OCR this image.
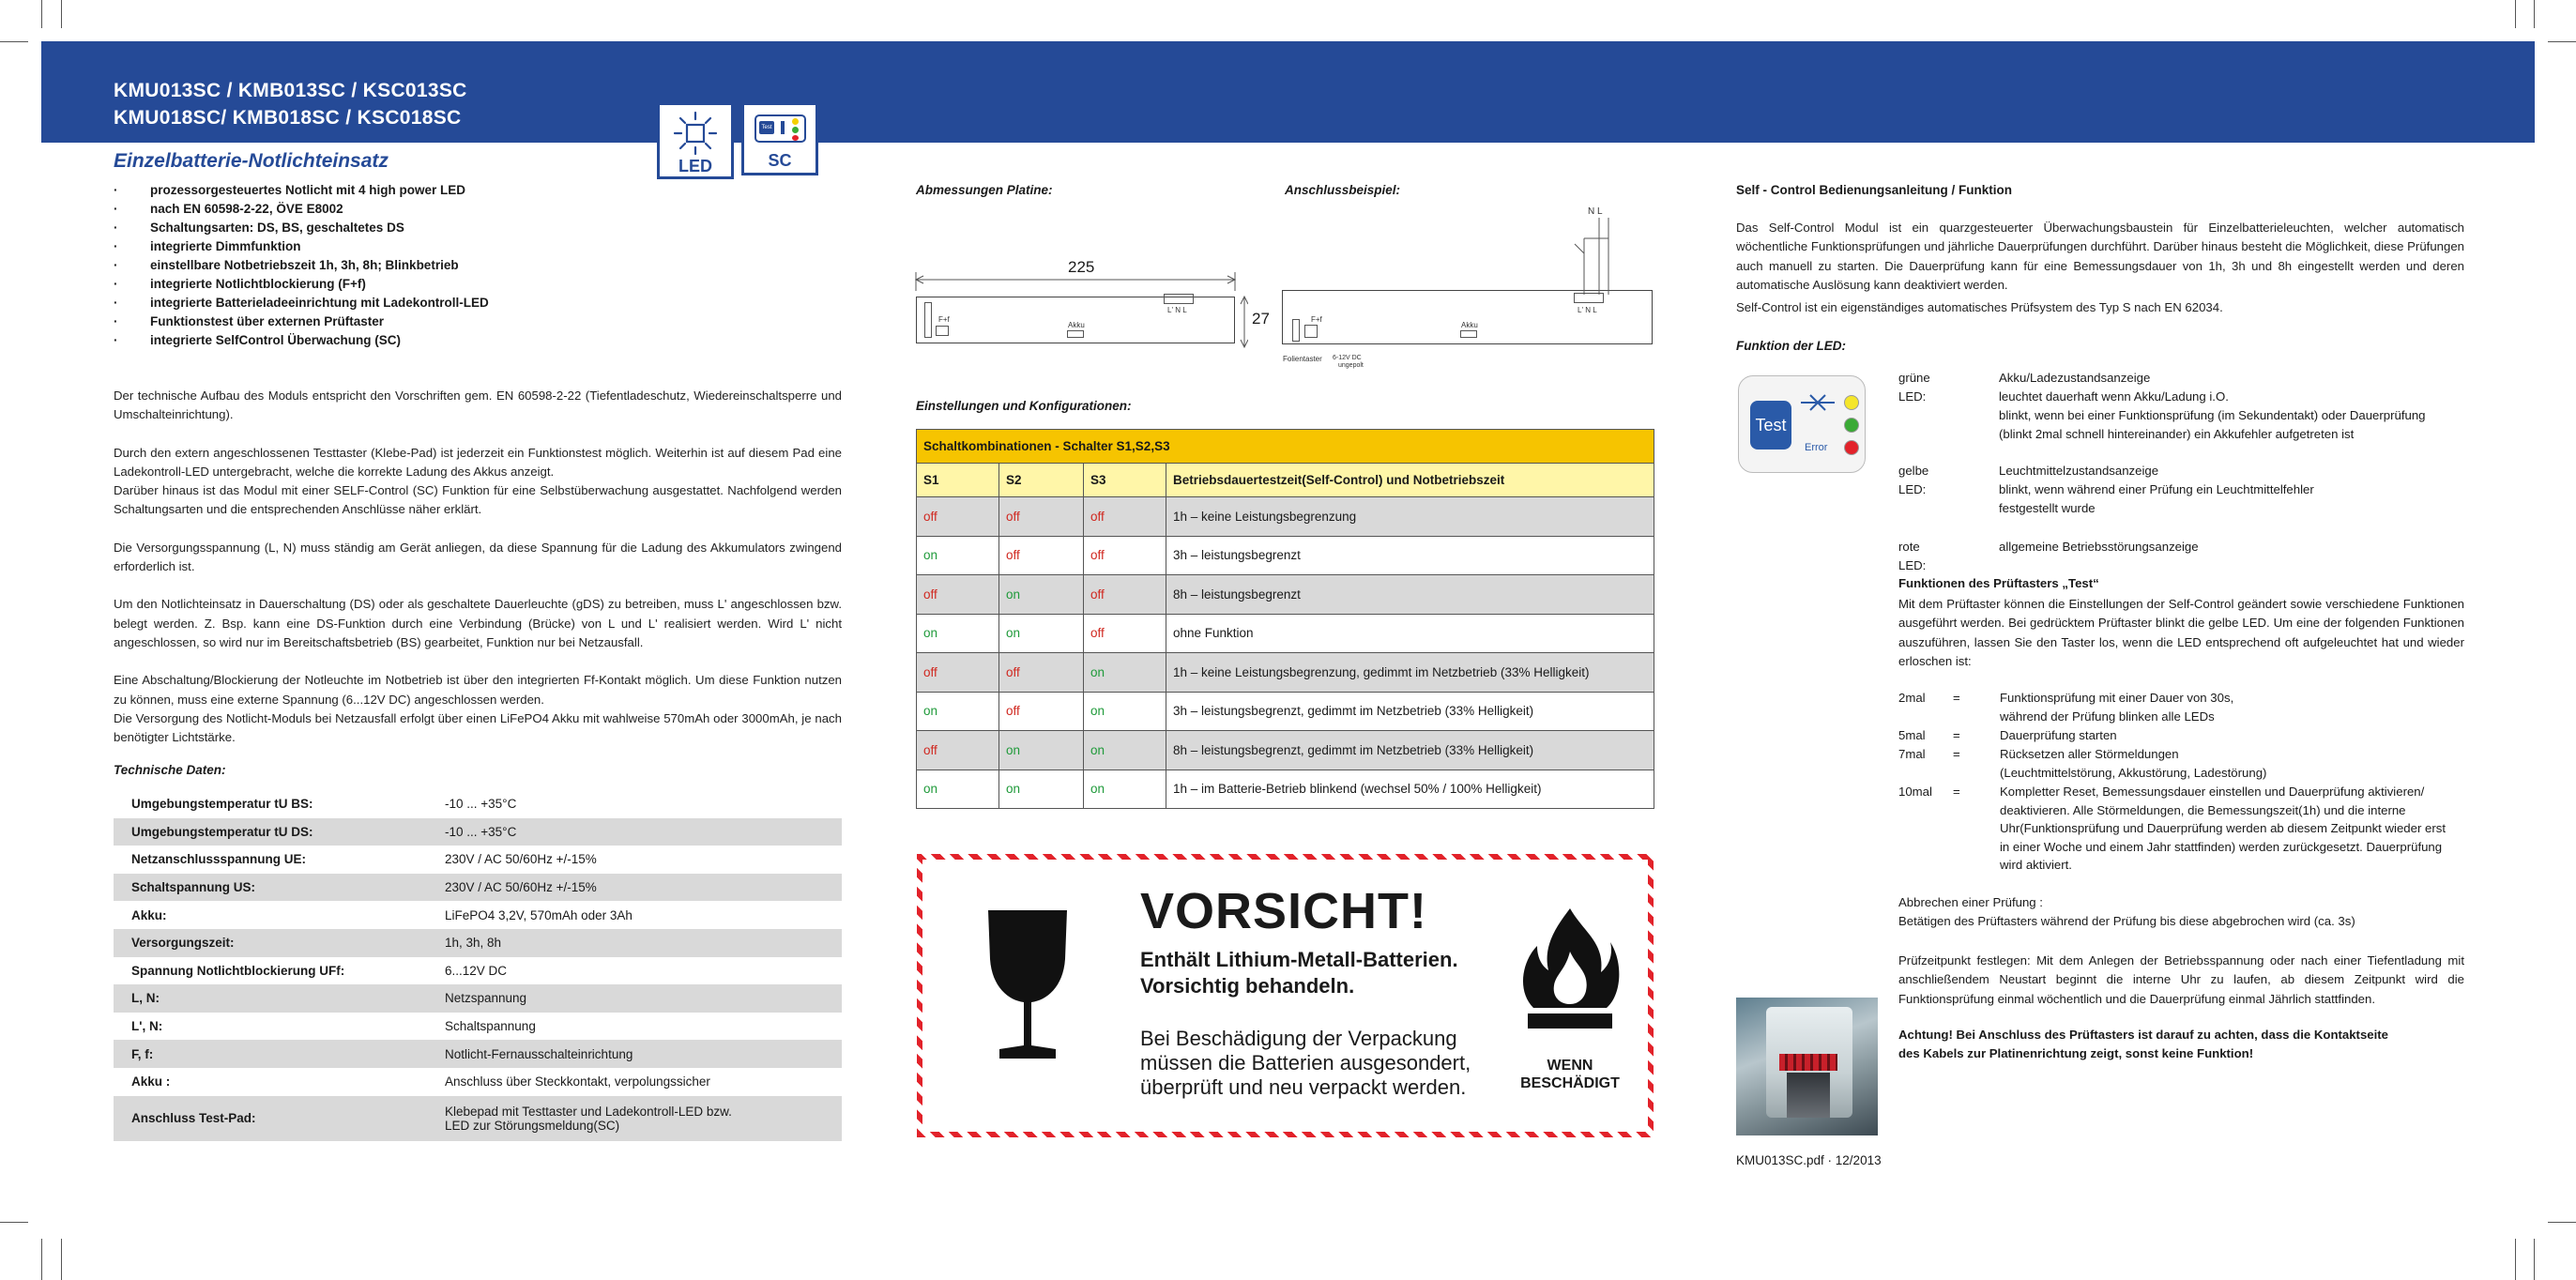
KMU013SC / KMB013SC / KSC013SC
KMU018SC/ KMB018SC / KSC018SC
LED
Test
SC
Einzelbatterie-Notlichteinsatz
·	prozessorgesteuertes Notlicht mit 4 high power LED
·	nach EN 60598-2-22, ÖVE E8002
·	Schaltungsarten: DS, BS, geschaltetes DS
·	integrierte Dimmfunktion
·	einstellbare Notbetriebszeit 1h, 3h, 8h; Blinkbetrieb
·	integrierte Notlichtblockierung (F+f)
·	integrierte Batterieladeeinrichtung mit Ladekontroll-LED
·	Funktionstest über externen Prüftaster
·	integrierte SelfControl Überwachung (SC)

Der technische Aufbau des Moduls entspricht den Vorschriften gem. EN 60598-2-22 (Tiefentladeschutz, Wiedereinschaltsperre und Umschalteinrichtung).

Durch den extern angeschlossenen Testtaster (Klebe-Pad) ist jederzeit ein Funktionstest möglich. Weiterhin ist auf diesem Pad eine Ladekontroll-LED untergebracht, welche die korrekte Ladung des Akkus anzeigt.

Darüber hinaus ist das Modul mit einer SELF-Control (SC) Funktion für eine Selbstüberwachung ausgestattet. Nachfolgend werden Schaltungsarten und die entsprechenden Anschlüsse näher erklärt.

Die Versorgungsspannung (L, N) muss ständig am Gerät anliegen, da diese Spannung für die Ladung des Akkumulators zwingend erforderlich ist.

Um den Notlichteinsatz in Dauerschaltung (DS) oder als geschaltete Dauerleuchte (gDS) zu betreiben, muss L' angeschlossen bzw. belegt werden. Z. Bsp. kann eine DS-Funktion durch eine Verbindung (Brücke) von L und L' realisiert werden. Wird L' nicht angeschlossen, so wird nur im Bereitschaftsbetrieb (BS) gearbeitet, Funktion nur bei Netzausfall.

Eine Abschaltung/Blockierung der Notleuchte im Notbetrieb ist über den integrierten Ff-Kontakt möglich. Um diese Funktion nutzen zu können, muss eine externe Spannung (6...12V DC) angeschlossen werden.

Die Versorgung des Notlicht-Moduls bei Netzausfall erfolgt über einen LiFePO4 Akku mit wahlweise 570mAh oder 3000mAh, je nach benötigter Lichtstärke.

Technische Daten:
Umgebungstemperatur tU BS:	-10 ... +35°C
Umgebungstemperatur tU DS:	-10 ... +35°C
Netzanschlussspannung UE:	230V / AC 50/60Hz +/-15%
Schaltspannung US:	230V / AC 50/60Hz +/-15%
Akku:	LiFePO4 3,2V, 570mAh oder 3Ah
Versorgungszeit:	1h, 3h, 8h
Spannung Notlichtblockierung UFf:	6...12V DC
L, N:	Netzspannung
L', N:	Schaltspannung
F, f:	Notlicht-Fernausschalteinrichtung
Akku :	Anschluss über Steckkontakt, verpolungssicher
Anschluss Test-Pad:	Klebepad mit Testtaster und Ladekontroll-LED bzw.
LED zur Störungsmeldung(SC)
Abmessungen Platine:	Anschlussbeispiel:
225
27
F+f
Akku
L' N L
N L
L' N L
F+f
Akku
Folientaster 6-12V DC
ungepolt
Einstellungen und Konfigurationen:
Schaltkombinationen - Schalter S1,S2,S3			
S1	S2	S3	Betriebsdauertestzeit(Self-Control) und Notbetriebszeit
off	off	off	1h – keine Leistungsbegrenzung
on	off	off	3h – leistungsbegrenzt
off	on	off	8h – leistungsbegrenzt
on	on	off	ohne Funktion
off	off	on	1h – keine Leistungsbegrenzung, gedimmt im Netzbetrieb (33% Helligkeit)
on	off	on	3h – leistungsbegrenzt, gedimmt im Netzbetrieb (33% Helligkeit)
off	on	on	8h – leistungsbegrenzt, gedimmt im Netzbetrieb (33% Helligkeit)
on	on	on	1h – im Batterie-Betrieb blinkend (wechsel 50% / 100% Helligkeit)
VORSICHT!
Enthält Lithium-Metall-Batterien.
Vorsichtig behandeln.
Bei Beschädigung der Verpackung
müssen die Batterien ausgesondert,
überprüft und neu verpackt werden.
WENN
BESCHÄDIGT
Self - Control Bedienungsanleitung / Funktion
Das Self-Control Modul ist ein quarzgesteuerter Überwachungsbaustein für Einzelbatterieleuchten, welcher automatisch wöchentliche Funktionsprüfungen und jährliche Dauerprüfungen durchführt. Darüber hinaus besteht die Möglichkeit, diese Prüfungen auch manuell zu starten. Die Dauerprüfung kann für eine Bemessungsdauer von 1h, 3h und 8h eingestellt werden und deren automatische Auslösung kann deaktiviert werden.
Self-Control ist ein eigenständiges automatisches Prüfsystem des Typ S nach EN 62034.
Funktion der LED:
Test
Error
grüne LED:
Akku/Ladezustandsanzeige
leuchtet dauerhaft wenn Akku/Ladung i.O.
blinkt, wenn bei einer Funktionsprüfung (im Sekundentakt) oder Dauerprüfung
(blinkt 2mal schnell hintereinander) ein Akkufehler aufgetreten ist
gelbe LED:
Leuchtmittelzustandsanzeige
blinkt, wenn während einer Prüfung ein Leuchtmittelfehler
festgestellt wurde
rote LED:
allgemeine Betriebsstörungsanzeige
Funktionen des Prüftasters „Test“
Mit dem Prüftaster können die Einstellungen der Self-Control geändert sowie verschiedene Funktionen ausgeführt werden. Bei gedrücktem Prüftaster blinkt die gelbe LED. Um eine der folgenden Funktionen auszuführen, lassen Sie den Taster los, wenn die LED entsprechend oft aufgeleuchtet hat und wieder erloschen ist:
2mal =	Funktionsprüfung mit einer Dauer von 30s,
während der Prüfung blinken alle LEDs
5mal =	Dauerprüfung starten
7mal =	Rücksetzen aller Störmeldungen
(Leuchtmittelstörung, Akkustörung, Ladestörung)
10mal =	Kompletter Reset, Bemessungsdauer einstellen und Dauerprüfung aktivieren/
deaktivieren. Alle Störmeldungen, die Bemessungszeit(1h) und die interne
Uhr(Funktionsprüfung und Dauerprüfung werden ab diesem Zeitpunkt wieder erst
in einer Woche und einem Jahr stattfinden) werden zurückgesetzt. Dauerprüfung
wird aktiviert.
Abbrechen einer Prüfung :
Betätigen des Prüftasters während der Prüfung bis diese abgebrochen wird (ca. 3s)
Prüfzeitpunkt festlegen: Mit dem Anlegen der Betriebsspannung oder nach einer Tiefentladung mit anschließendem Neustart beginnt die interne Uhr zu laufen, ab diesem Zeitpunkt wird die Funktionsprüfung einmal wöchentlich und die Dauerprüfung einmal Jährlich stattfinden.
Achtung! Bei Anschluss des Prüftasters ist darauf zu achten, dass die Kontaktseite
des Kabels zur Platinenrichtung zeigt, sonst keine Funktion!
KMU013SC.pdf · 12/2013
